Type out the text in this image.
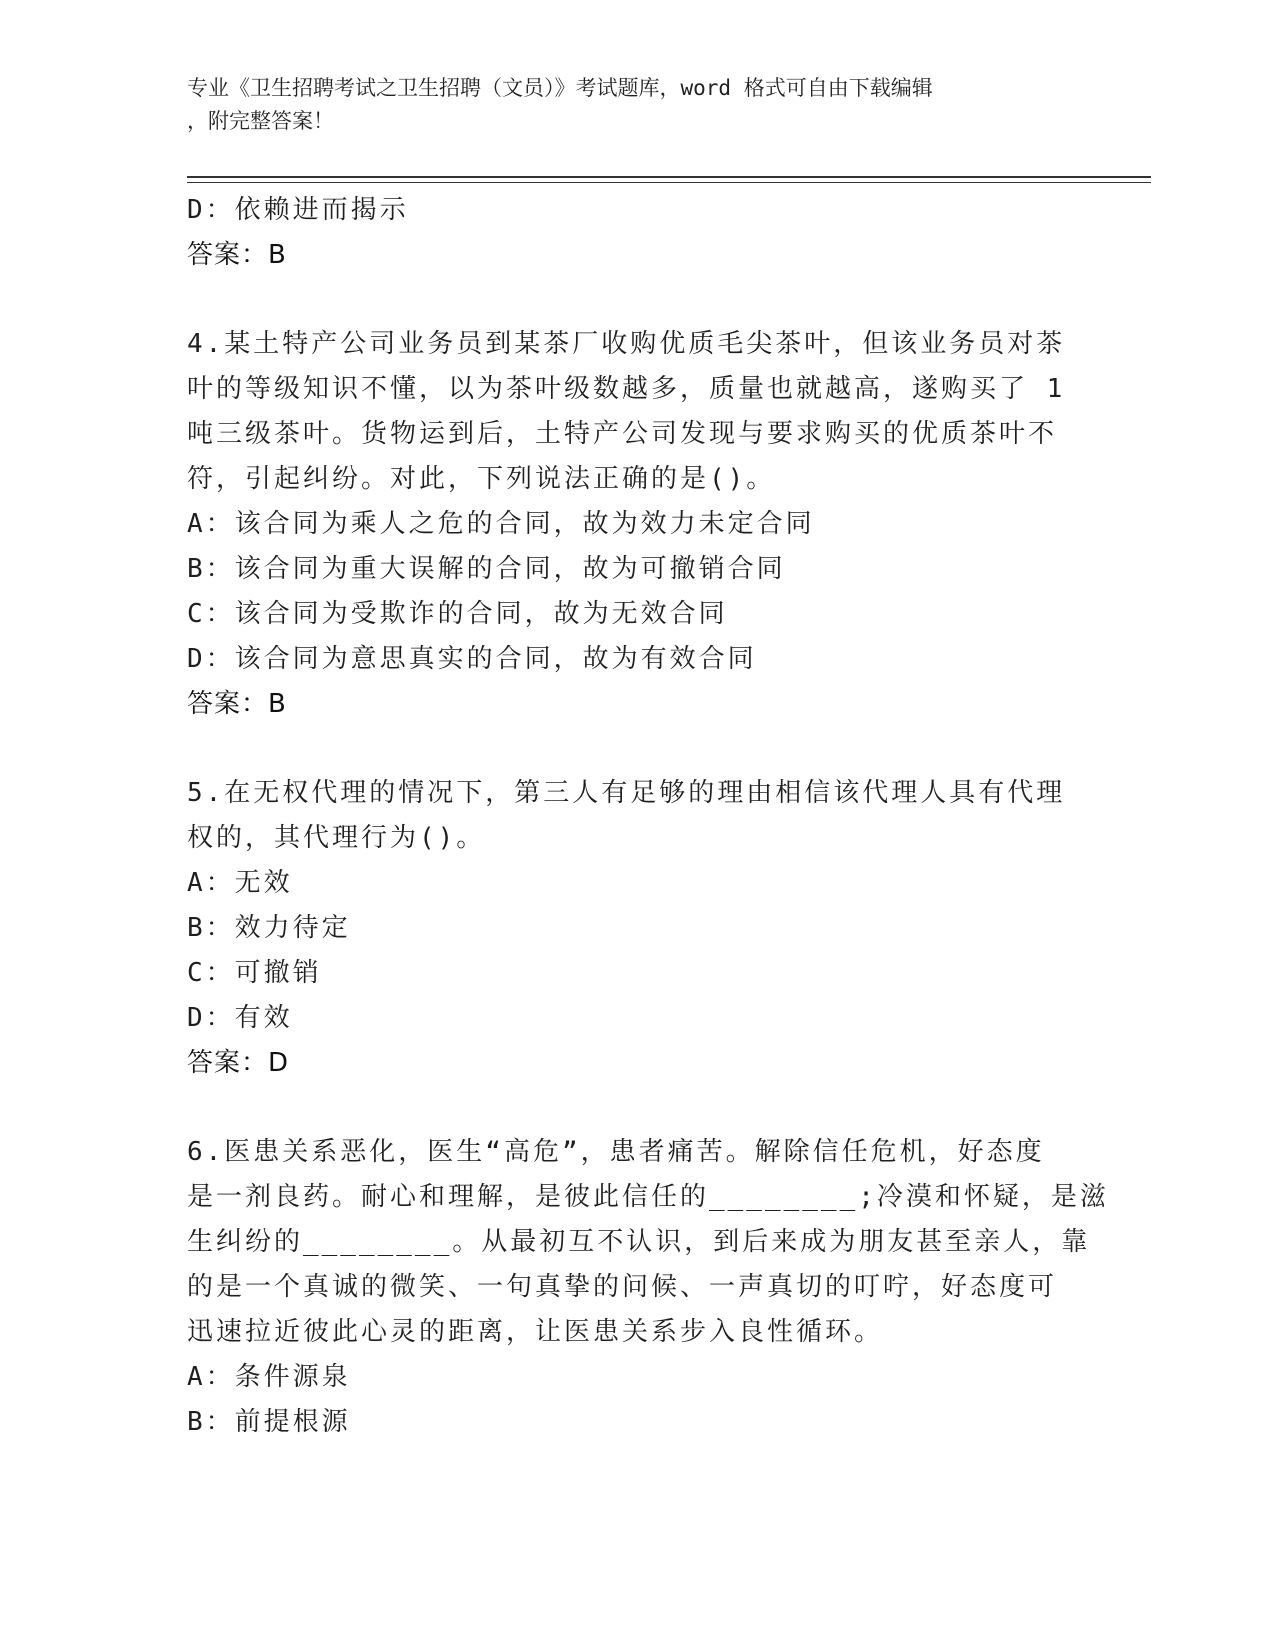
专业《卫生招聘考试之卫生招聘（文员）》考试题库，word 格式可自由下载编辑
，附完整答案！
D：依赖进而揭示
答案：B
4.某土特产公司业务员到某茶厂收购优质毛尖茶叶，但该业务员对茶
叶的等级知识不懂，以为茶叶级数越多，质量也就越高，遂购买了 1
吨三级茶叶。货物运到后，土特产公司发现与要求购买的优质茶叶不
符，引起纠纷。对此，下列说法正确的是()。
A：该合同为乘人之危的合同，故为效力未定合同
B：该合同为重大误解的合同，故为可撤销合同
C：该合同为受欺诈的合同，故为无效合同
D：该合同为意思真实的合同，故为有效合同
答案：B
5.在无权代理的情况下，第三人有足够的理由相信该代理人具有代理
权的，其代理行为()。
A：无效
B：效力待定
C：可撤销
D：有效
答案：D
6.医患关系恶化，医生“高危”，患者痛苦。解除信任危机，好态度
是一剂良药。耐心和理解，是彼此信任的________;冷漠和怀疑，是滋
生纠纷的________。从最初互不认识，到后来成为朋友甚至亲人，靠
的是一个真诚的微笑、一句真挚的问候、一声真切的叮咛，好态度可
迅速拉近彼此心灵的距离，让医患关系步入良性循环。
A：条件源泉
B：前提根源
